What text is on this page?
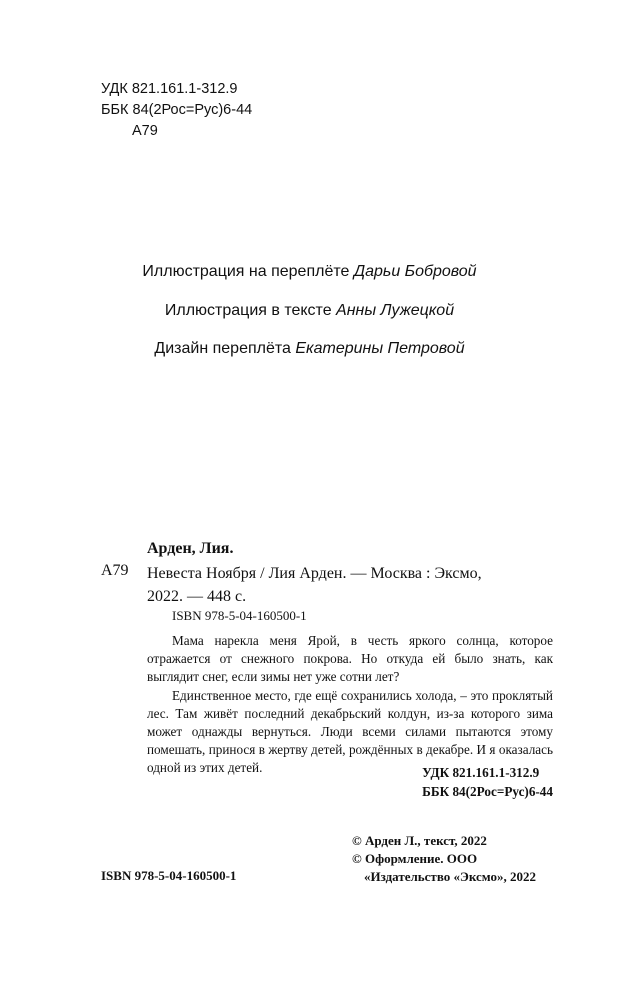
УДК 821.161.1-312.9
ББК 84(2Рос=Рус)6-44
А79
Иллюстрация на переплёте Дарьи Бобровой
Иллюстрация в тексте Анны Лужецкой
Дизайн переплёта Екатерины Петровой
Арден, Лия.
А79 Невеста Ноября / Лия Арден. — Москва : Эксмо,
2022. — 448 с.
ISBN 978-5-04-160500-1

Мама нарекла меня Ярой, в честь яркого солнца, которое отражается от снежного покрова. Но откуда ей было знать, как выглядит снег, если зимы нет уже сотни лет?

Единственное место, где ещё сохранились холода, – это проклятый лес. Там живёт последний декабрьский колдун, из-за которого зима может однажды вернуться. Люди всеми силами пытаются этому помешать, принося в жертву детей, рождённых в декабре. И я оказалась одной из этих детей.	УДК 821.161.1-312.9
ББК 84(2Рос=Рус)6-44
© Арден Л., текст, 2022
© Оформление. ООО
«Издательство «Эксмо», 2022
ISBN 978-5-04-160500-1
